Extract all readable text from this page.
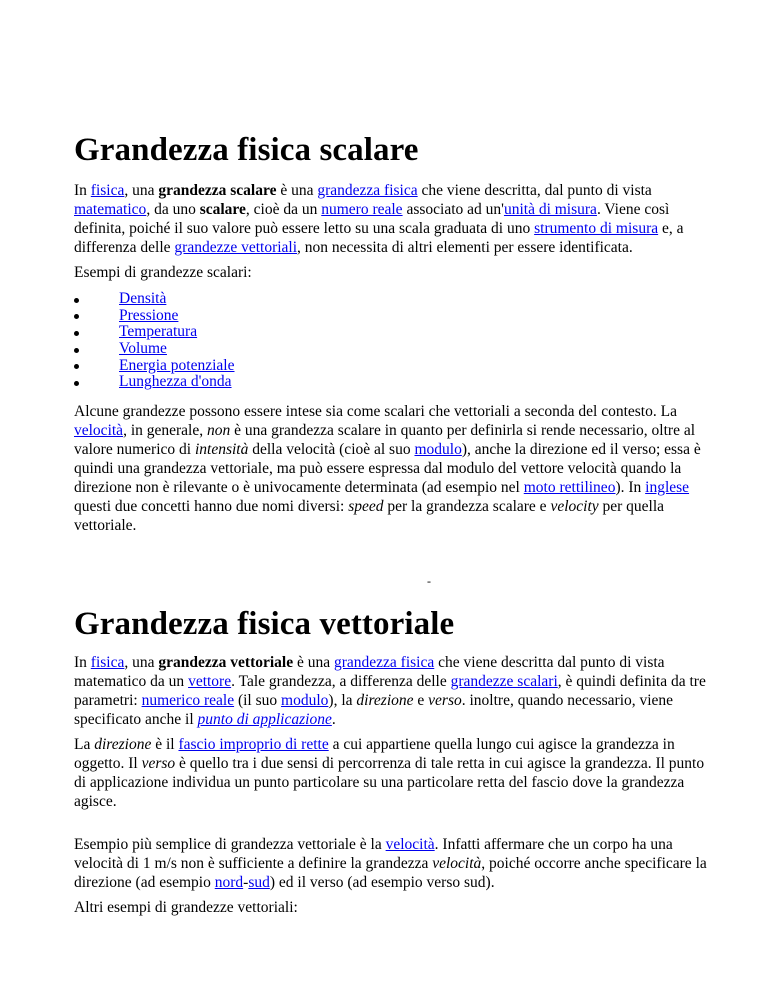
Grandezza fisica scalare

In fisica, una grandezza scalare è una grandezza fisica che viene descritta, dal punto di vista matematico, da uno scalare, cioè da un numero reale associato ad un'unità di misura. Viene così definita, poiché il suo valore può essere letto su una scala graduata di uno strumento di misura e, a differenza delle grandezze vettoriali, non necessita di altri elementi per essere identificata.

Esempi di grandezze scalari:

Densità
Pressione
Temperatura
Volume
Energia potenziale
Lunghezza d'onda

Alcune grandezze possono essere intese sia come scalari che vettoriali a seconda del contesto. La velocità, in generale, non è una grandezza scalare in quanto per definirla si rende necessario, oltre al valore numerico di intensità della velocità (cioè al suo modulo), anche la direzione ed il verso; essa è quindi una grandezza vettoriale, ma può essere espressa dal modulo del vettore velocità quando la direzione non è rilevante o è univocamente determinata (ad esempio nel moto rettilineo). In inglese questi due concetti hanno due nomi diversi: speed per la grandezza scalare e velocity per quella vettoriale.

-
Grandezza fisica vettoriale

In fisica, una grandezza vettoriale è una grandezza fisica che viene descritta dal punto di vista matematico da un vettore. Tale grandezza, a differenza delle grandezze scalari, è quindi definita da tre parametri: numerico reale (il suo modulo), la direzione e verso. inoltre, quando necessario, viene specificato anche il punto di applicazione.

La direzione è il fascio improprio di rette a cui appartiene quella lungo cui agisce la grandezza in oggetto. Il verso è quello tra i due sensi di percorrenza di tale retta in cui agisce la grandezza. Il punto di applicazione individua un punto particolare su una particolare retta del fascio dove la grandezza agisce.

Esempio più semplice di grandezza vettoriale è la velocità. Infatti affermare che un corpo ha una velocità di 1 m/s non è sufficiente a definire la grandezza velocità, poiché occorre anche specificare la direzione (ad esempio nord-sud) ed il verso (ad esempio verso sud).

Altri esempi di grandezze vettoriali:
